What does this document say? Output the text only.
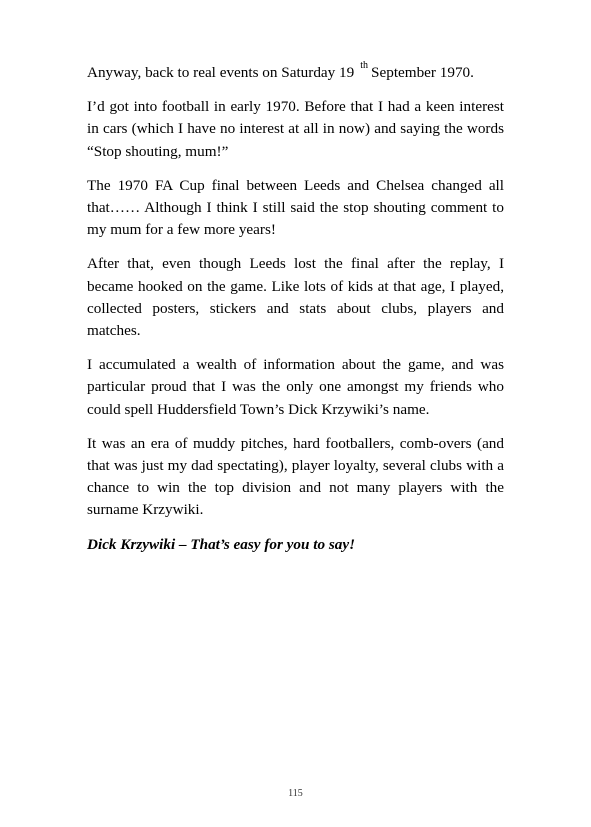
Anyway, back to real events on Saturday 19 $^{th}$ September 1970.

I’d got into football in early 1970. Before that I had a keen interest in cars (which I have no interest at all in now) and saying the words “Stop shouting, mum!”

The 1970 FA Cup final between Leeds and Chelsea changed all that…… Although I think I still said the stop shouting comment to my mum for a few more years!

After that, even though Leeds lost the final after the replay, I became hooked on the game. Like lots of kids at that age, I played, collected posters, stickers and stats about clubs, players and matches.

I accumulated a wealth of information about the game, and was particular proud that I was the only one amongst my friends who could spell Huddersfield Town’s Dick Krzywiki’s name.

It was an era of muddy pitches, hard footballers, comb-overs (and that was just my dad spectating), player loyalty, several clubs with a chance to win the top division and not many players with the surname Krzywiki.

Dick Krzywiki – That’s easy for you to say!

115
